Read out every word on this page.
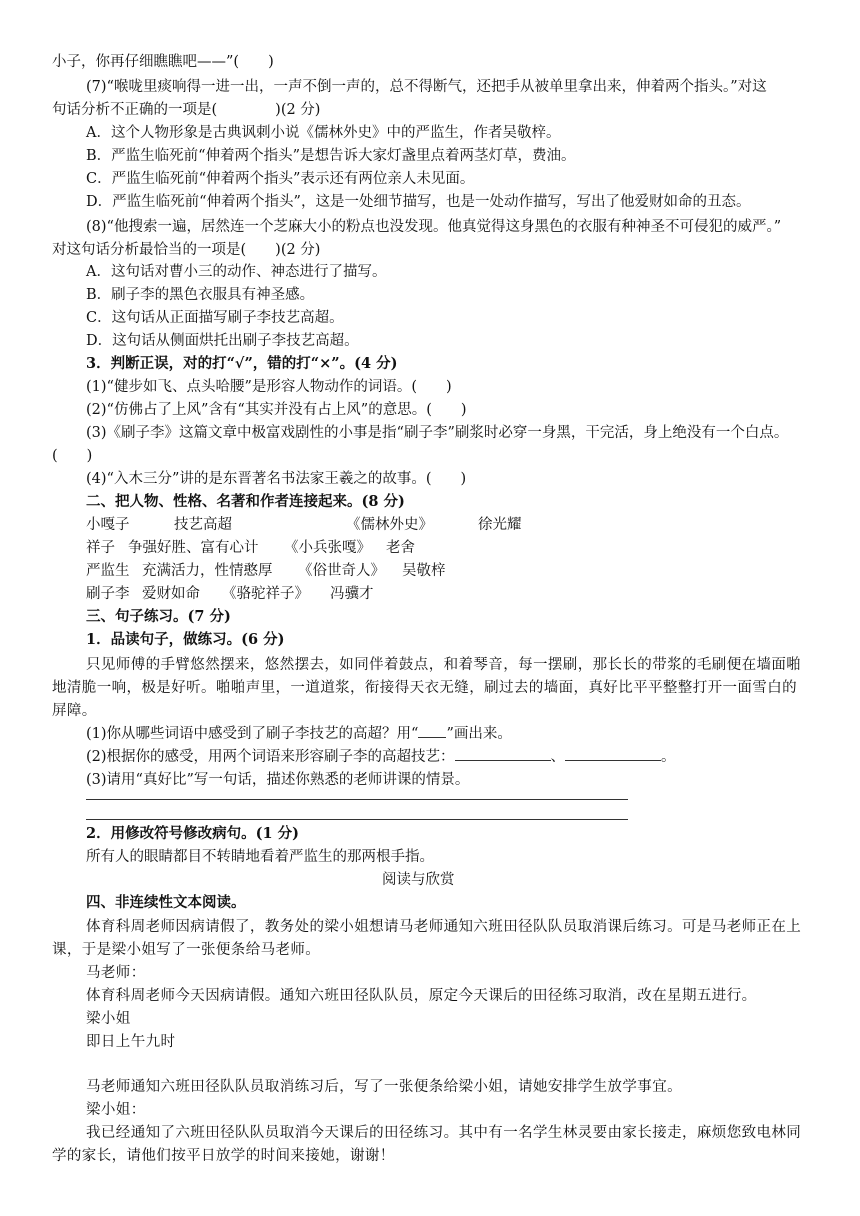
小子，你再仔细瞧瞧吧——”(　　)
(7)“喉咙里痰响得一进一出，一声不倒一声的，总不得断气，还把手从被单里拿出来，伸着两个指头。”对这
句话分析不正确的一项是(　　　　)(2 分)
A．这个人物形象是古典讽刺小说《儒林外史》中的严监生，作者吴敬梓。
B．严监生临死前“伸着两个指头”是想告诉大家灯盏里点着两茎灯草，费油。
C．严监生临死前“伸着两个指头”表示还有两位亲人未见面。
D．严监生临死前“伸着两个指头”，这是一处细节描写，也是一处动作描写，写出了他爱财如命的丑态。
(8)“他搜索一遍，居然连一个芝麻大小的粉点也没发现。他真觉得这身黑色的衣服有种神圣不可侵犯的威严。”
对这句话分析最恰当的一项是(　　)(2 分)
A．这句话对曹小三的动作、神态进行了描写。
B．刷子李的黑色衣服具有神圣感。
C．这句话从正面描写刷子李技艺高超。
D．这句话从侧面烘托出刷子李技艺高超。
3．判断正误，对的打“√”，错的打“×”。(4 分)
(1)“健步如飞、点头哈腰”是形容人物动作的词语。(　　)
(2)“仿佛占了上风”含有“其实并没有占上风”的意思。(　　)
(3)《刷子李》这篇文章中极富戏剧性的小事是指“刷子李”刷浆时必穿一身黑，干完活，身上绝没有一个白点。
(　　)
(4)“入木三分”讲的是东晋著名书法家王羲之的故事。(　　)
二、把人物、性格、名著和作者连接起来。(8 分)
小嘎子	技艺高超	《儒林外史》	徐光耀
祥子 争强好胜、富有心计 《小兵张嘎》 老舍
严监生 充满活力，性情憨厚 《俗世奇人》 吴敬梓
刷子李 爱财如命 《骆驼祥子》 冯骥才
三、句子练习。(7 分)
1．品读句子，做练习。(6 分)
只见师傅的手臂悠然摆来，悠然摆去，如同伴着鼓点，和着琴音，每一摆刷，那长长的带浆的毛刷便在墙面啪
地清脆一响，极是好听。啪啪声里，一道道浆，衔接得天衣无缝，刷过去的墙面，真好比平平整整打开一面雪白的
屏障。
(1)你从哪些词语中感受到了刷子李技艺的高超？用“ ”画出来。
(2)根据你的感受，用两个词语来形容刷子李的高超技艺：	、	。
(3)请用“真好比”写一句话，描述你熟悉的老师讲课的情景。
2．用修改符号修改病句。(1 分)
所有人的眼睛都目不转睛地看着严监生的那两根手指。
阅读与欣赏
四、非连续性文本阅读。
体育科周老师因病请假了，教务处的梁小姐想请马老师通知六班田径队队员取消课后练习。可是马老师正在上
课，于是梁小姐写了一张便条给马老师。
马老师：
体育科周老师今天因病请假。通知六班田径队队员，原定今天课后的田径练习取消，改在星期五进行。
梁小姐
即日上午九时
马老师通知六班田径队队员取消练习后，写了一张便条给梁小姐，请她安排学生放学事宜。
梁小姐：
我已经通知了六班田径队队员取消今天课后的田径练习。其中有一名学生林灵要由家长接走，麻烦您致电林同
学的家长，请他们按平日放学的时间来接她，谢谢！
